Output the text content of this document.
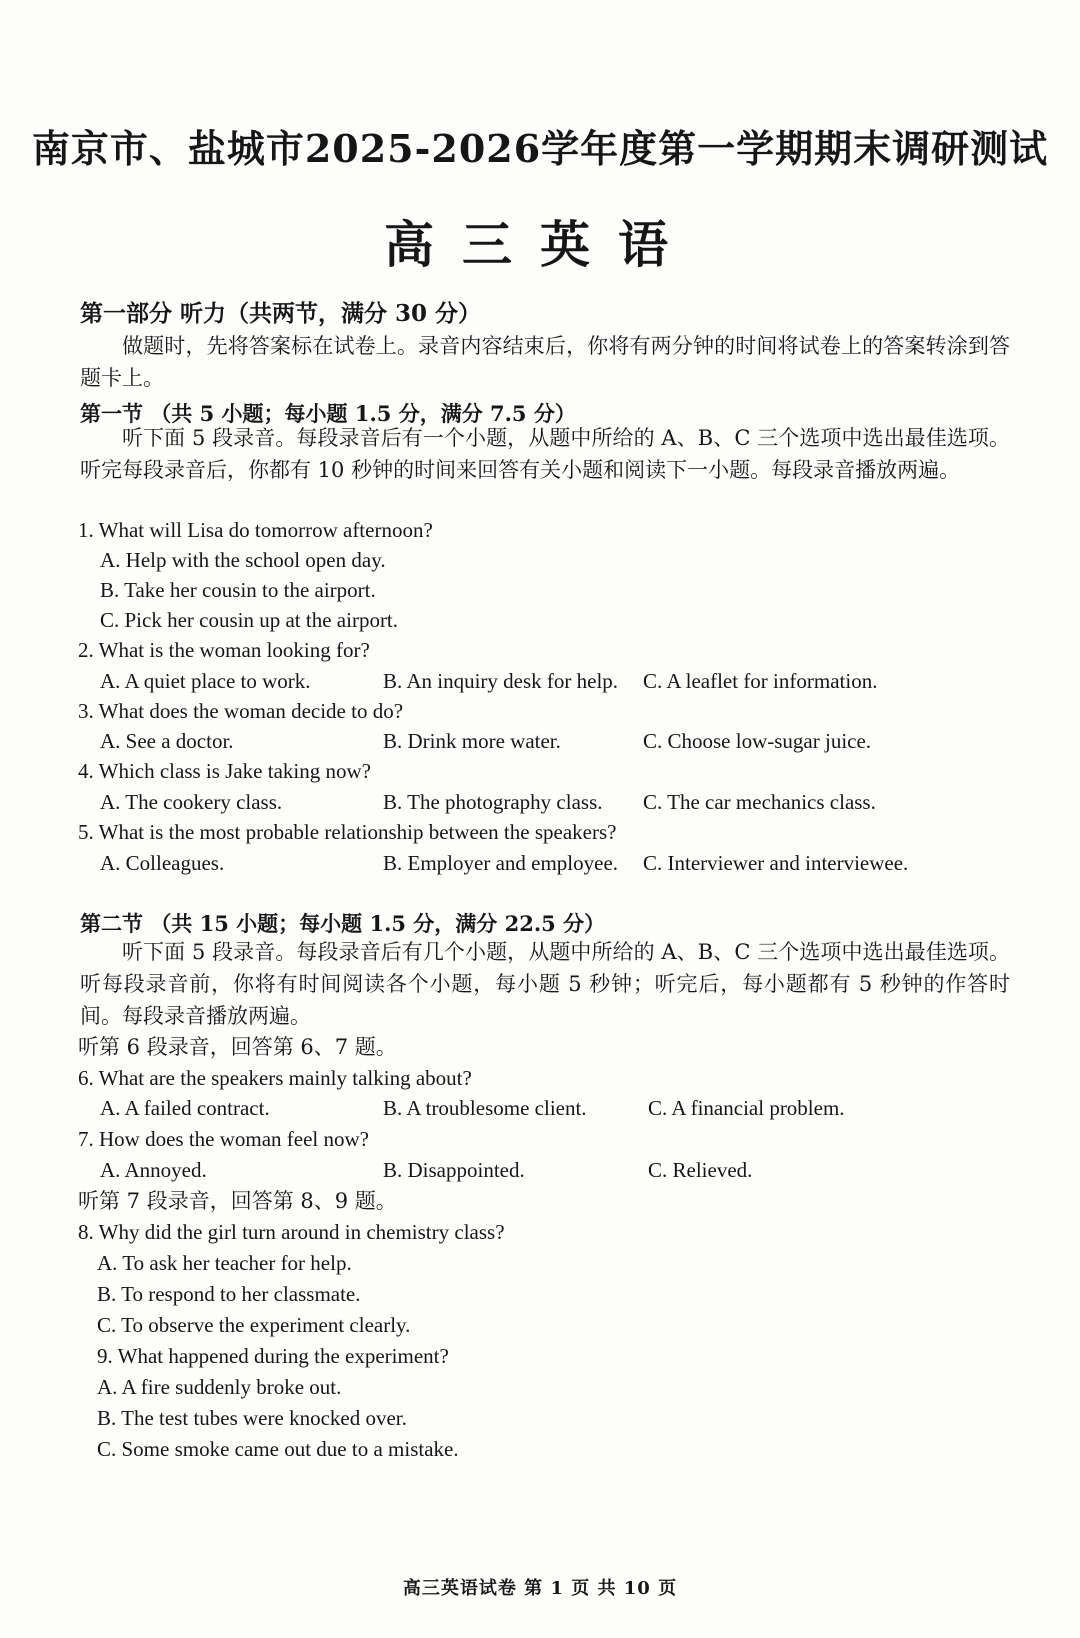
南京市、盐城市2025-2026学年度第一学期期末调研测试
高三英语
第一部分 听力（共两节，满分 30 分）
做题时，先将答案标在试卷上。录音内容结束后，你将有两分钟的时间将试卷上的答案转涂到答题卡上。
第一节 （共 5 小题；每小题 1.5 分，满分 7.5 分）
听下面 5 段录音。每段录音后有一个小题，从题中所给的 A、B、C 三个选项中选出最佳选项。听完每段录音后，你都有 10 秒钟的时间来回答有关小题和阅读下一小题。每段录音播放两遍。
1. What will Lisa do tomorrow afternoon?
A. Help with the school open day.
B. Take her cousin to the airport.
C. Pick her cousin up at the airport.
2. What is the woman looking for?
A. A quiet place to work.	B. An inquiry desk for help. C. A leaflet for information.
3. What does the woman decide to do?
A. See a doctor.	B. Drink more water.	C. Choose low-sugar juice.
4. Which class is Jake taking now?
A. The cookery class.	B. The photography class. C. The car mechanics class.
5. What is the most probable relationship between the speakers?
A. Colleagues.	B. Employer and employee. C. Interviewer and interviewee.
第二节 （共 15 小题；每小题 1.5 分，满分 22.5 分）
听下面 5 段录音。每段录音后有几个小题，从题中所给的 A、B、C 三个选项中选出最佳选项。听每段录音前，你将有时间阅读各个小题，每小题 5 秒钟；听完后，每小题都有 5 秒钟的作答时间。每段录音播放两遍。
听第 6 段录音，回答第 6、7 题。
6. What are the speakers mainly talking about?
A. A failed contract.	B. A troublesome client.	C. A financial problem.
7. How does the woman feel now?
A. Annoyed.	B. Disappointed.	C. Relieved.
听第 7 段录音，回答第 8、9 题。
8. Why did the girl turn around in chemistry class?
A. To ask her teacher for help.
B. To respond to her classmate.
C. To observe the experiment clearly.
9. What happened during the experiment?
A. A fire suddenly broke out.
B. The test tubes were knocked over.
C. Some smoke came out due to a mistake.
高三英语试卷 第 1 页 共 10 页
